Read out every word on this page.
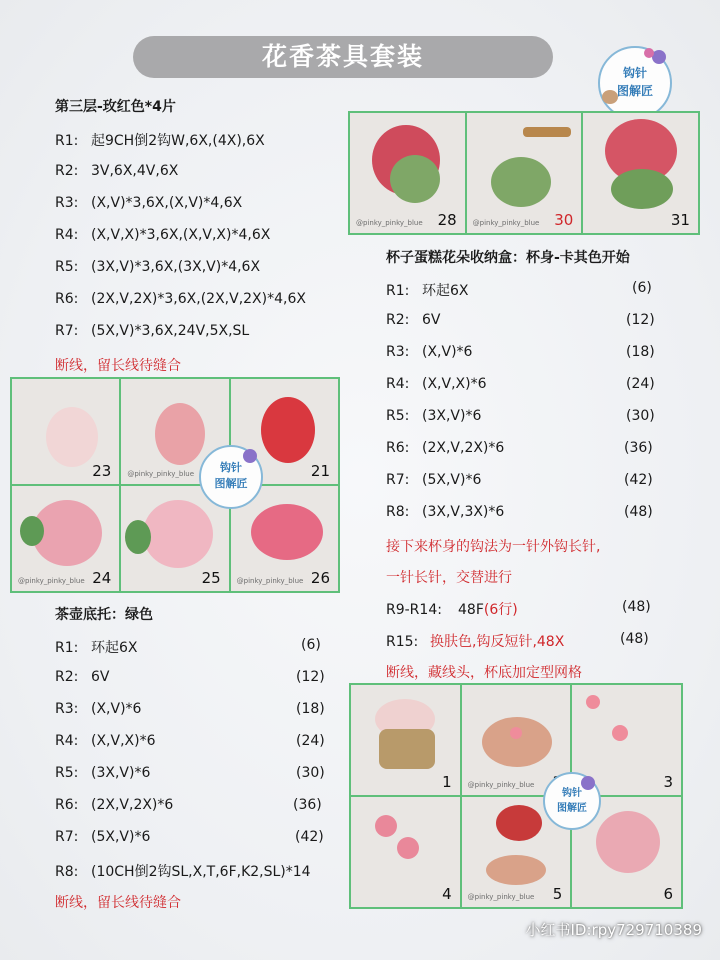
花香茶具套装
钩针
图解匠
第三层-玫红色*4片
R1: 起9CH倒2钩W,6X,(4X),6X
R2: 3V,6X,4V,6X
R3: (X,V)*3,6X,(X,V)*4,6X
R4: (X,V,X)*3,6X,(X,V,X)*4,6X
R5: (3X,V)*3,6X,(3X,V)*4,6X
R6: (2X,V,2X)*3,6X,(2X,V,2X)*4,6X
R7: (5X,V)*3,6X,24V,5X,SL
断线，留长线待缝合
23 @pinky_pinky_blue	21
@pinky_pinky_blue 24	25 @pinky_pinky_blue 26
钩针
图解匠
茶壶底托：绿色
R1: 环起6X	(6)
R2: 6V	(12)
R3: (X,V)*6	(18)
R4: (X,V,X)*6	(24)
R5: (3X,V)*6	(30)
R6: (2X,V,2X)*6	(36)
R7: (5X,V)*6	(42)
R8: (10CH倒2钩SL,X,T,6F,K2,SL)*14
断线，留长线待缝合
@pinky_pinky_blue 28 @pinky_pinky_blue 30	31
杯子蛋糕花朵收纳盒：杯身-卡其色开始
R1: 环起6X	(6)
R2: 6V	(12)
R3: (X,V)*6	(18)
R4: (X,V,X)*6	(24)
R5: (3X,V)*6	(30)
R6: (2X,V,2X)*6	(36)
R7: (5X,V)*6	(42)
R8: (3X,V,3X)*6	(48)
接下来杯身的钩法为一针外钩长针,
一针长针，交替进行
R9-R14: 48F(6行)	(48)
R15: 换肤色,钩反短针,48X	(48)
断线，藏线头，杯底加定型网格
1 @pinky_pinky_blue	3
4 @pinky_pinky_blue 5	6
钩针
图解匠
小红书ID:rpy729710389
